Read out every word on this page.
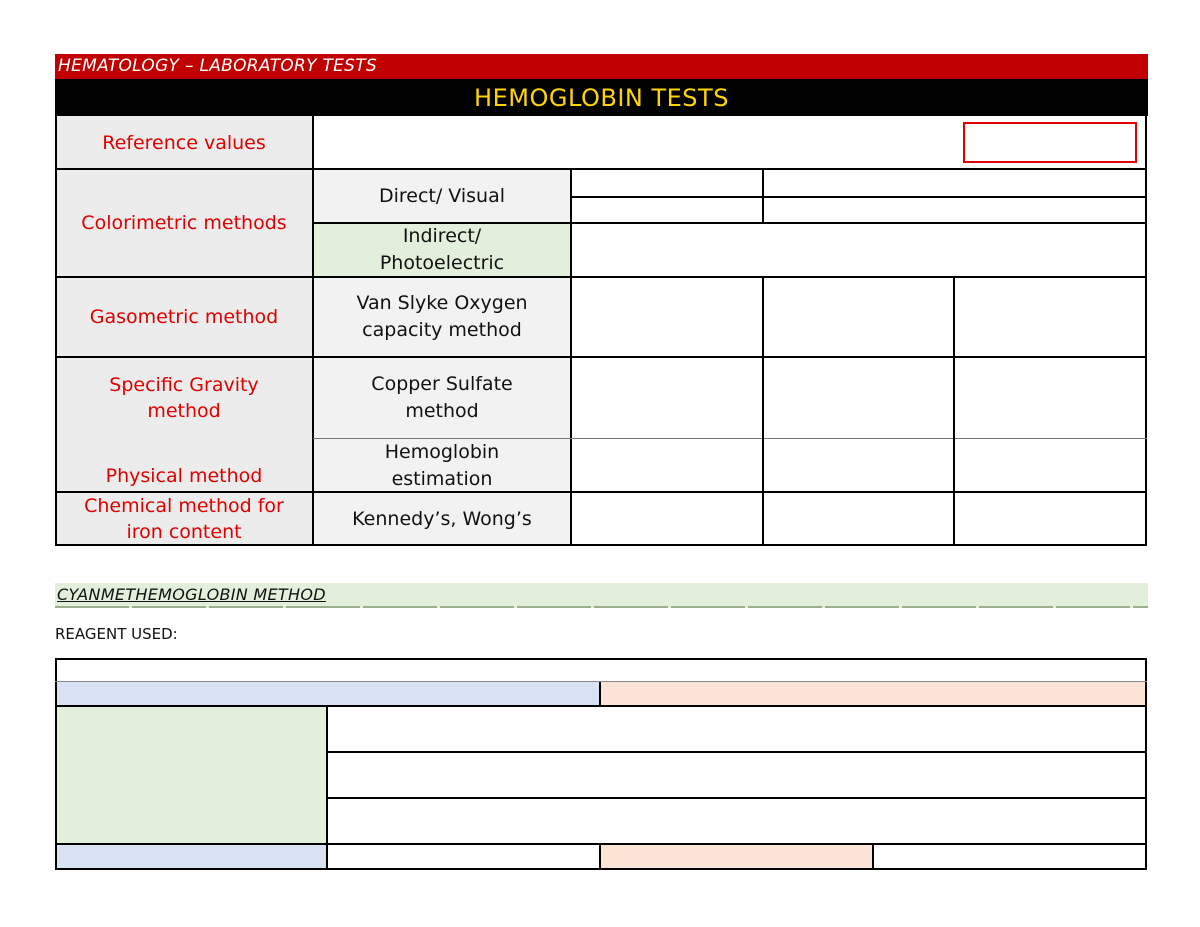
HEMATOLOGY – LABORATORY TESTS
HEMOGLOBIN TESTS
Reference values
Colorimetric methods
Gasometric method
Specific Gravity method
Physical method
Chemical method for iron content
Direct/ Visual
Indirect/ Photoelectric
Van Slyke Oxygen capacity method
Copper Sulfate method
Hemoglobin estimation
Kennedy’s, Wong’s
CYANMETHEMOGLOBIN METHOD
REAGENT USED:
